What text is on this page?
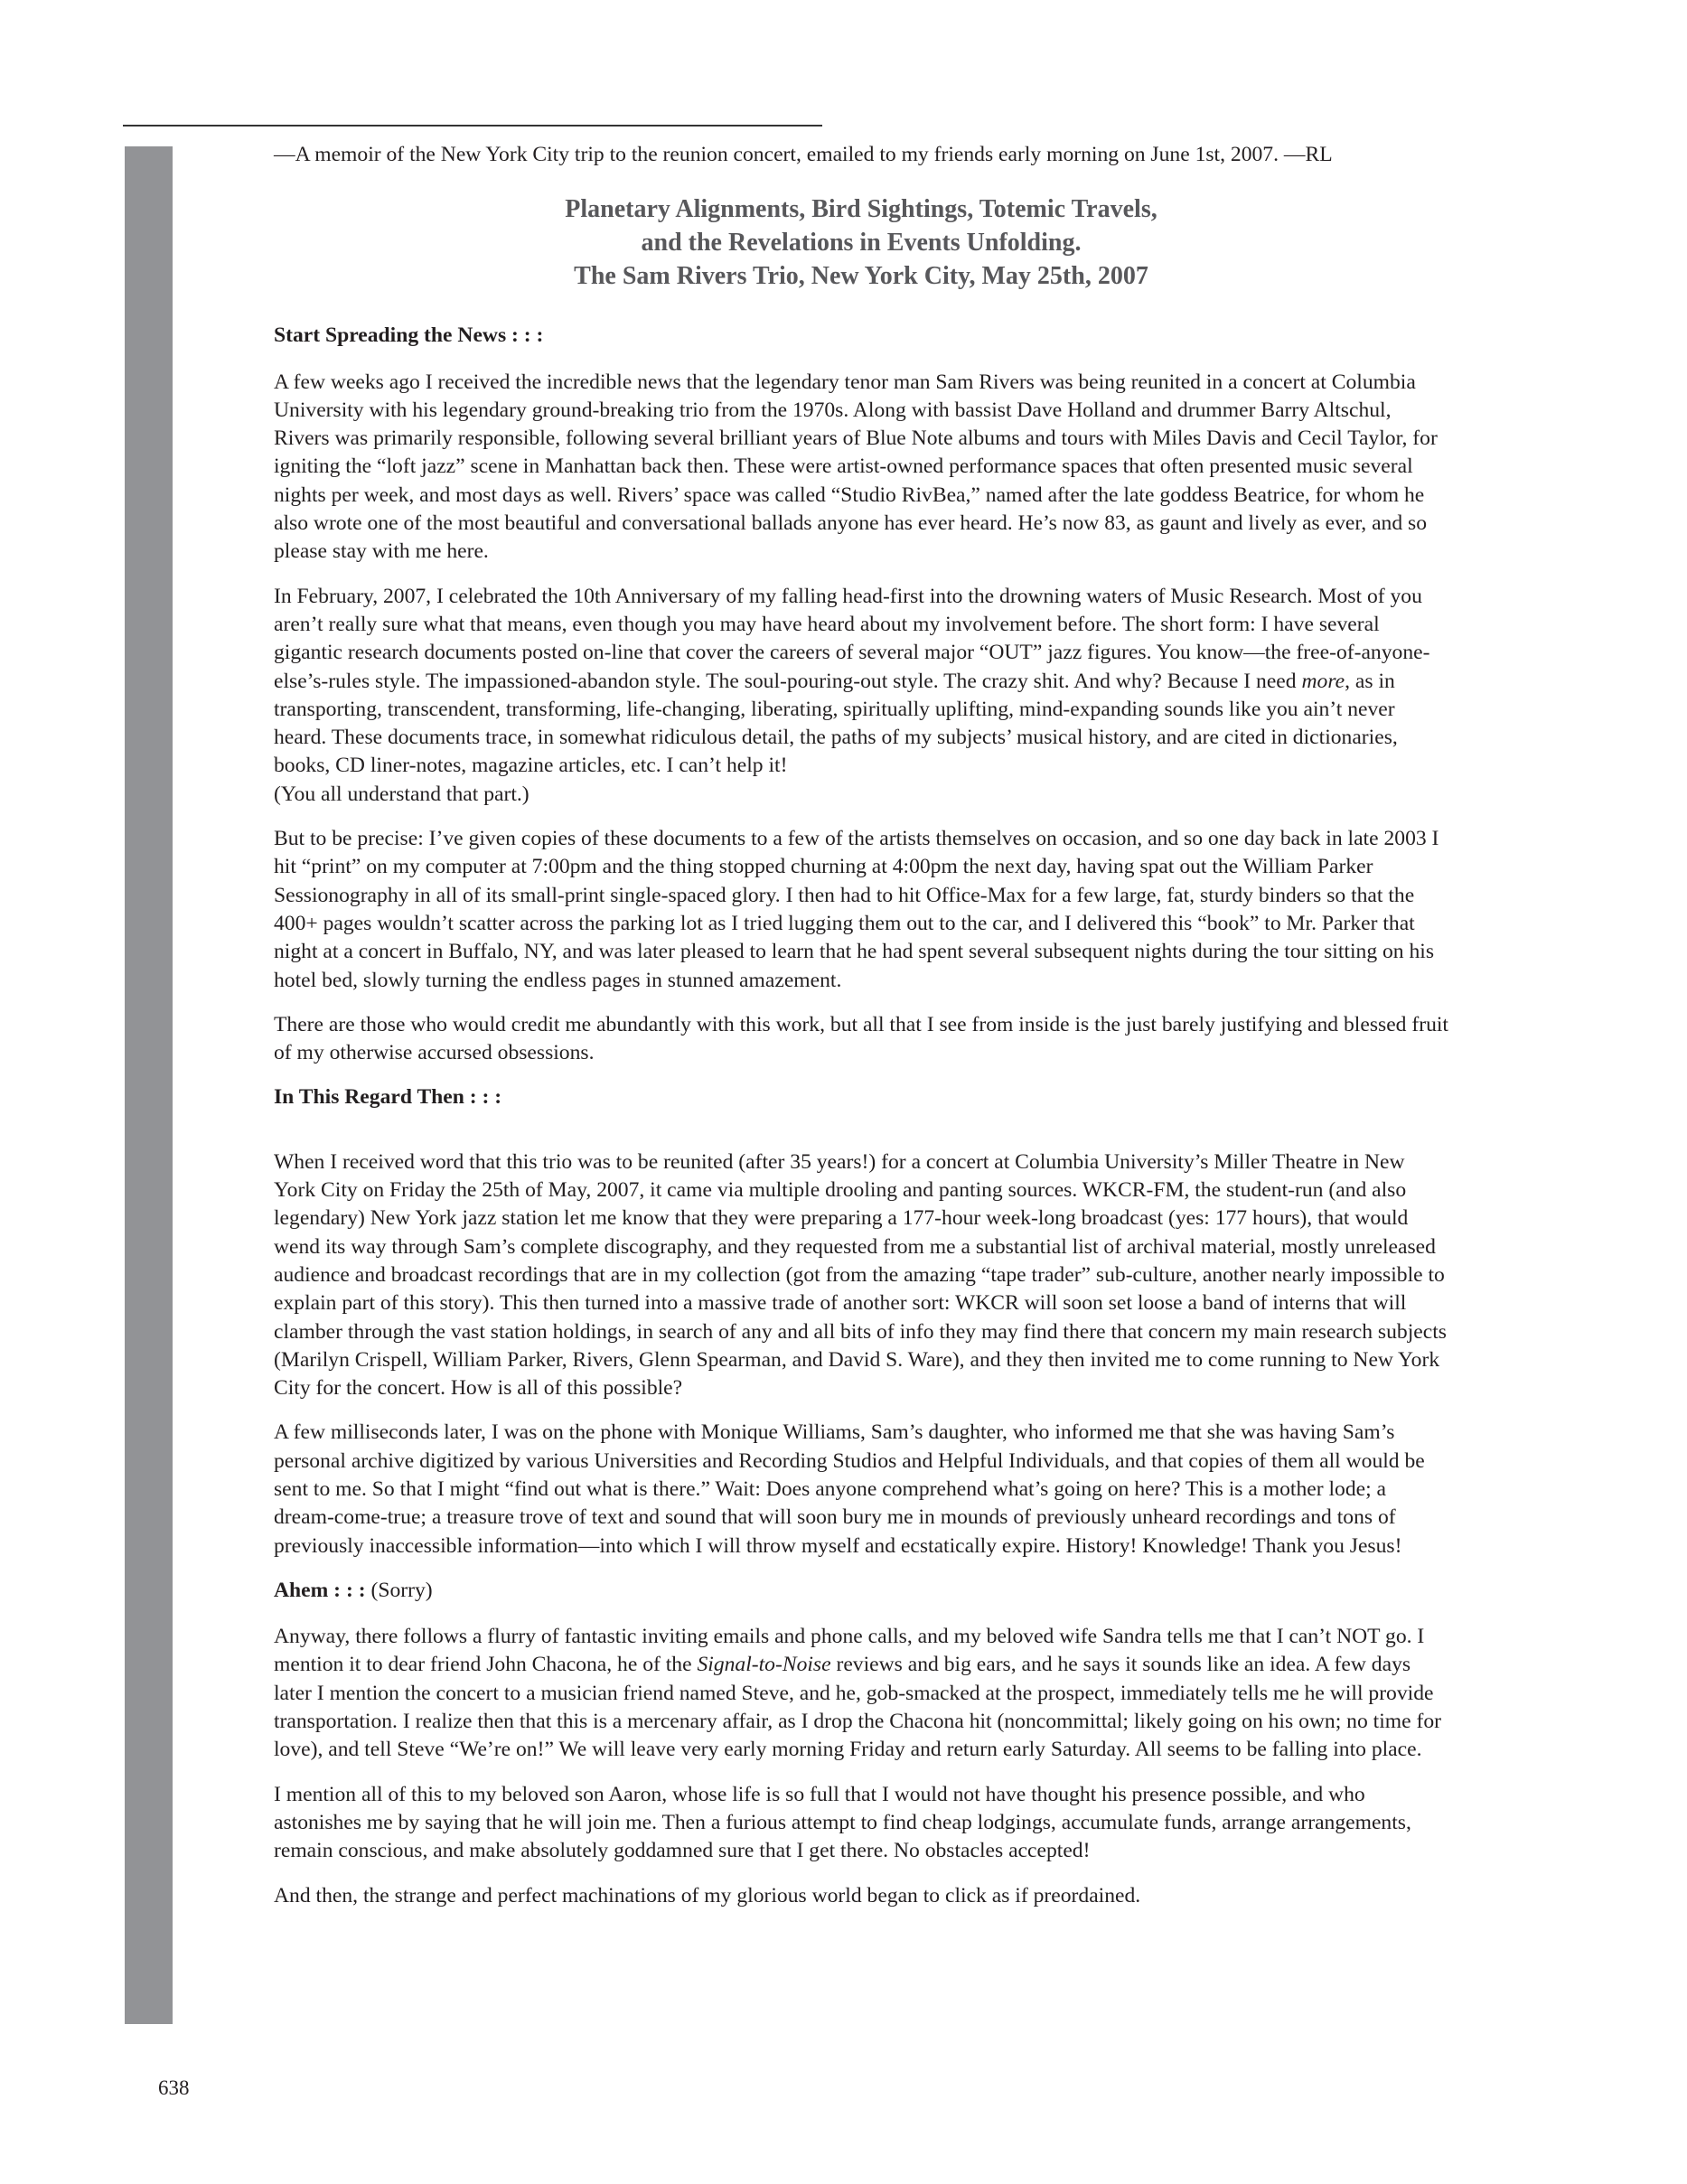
—A memoir of the New York City trip to the reunion concert, emailed to my friends early morning on June 1st, 2007. —RL

Planetary Alignments, Bird Sightings, Totemic Travels,
and the Revelations in Events Unfolding.
The Sam Rivers Trio, New York City, May 25th, 2007

Start Spreading the News : : :

A few weeks ago I received the incredible news that the legendary tenor man Sam Rivers was being reunited in a concert at Columbia University with his legendary ground-breaking trio from the 1970s. Along with bassist Dave Holland and drummer Barry Altschul, Rivers was primarily responsible, following several brilliant years of Blue Note albums and tours with Miles Davis and Cecil Taylor, for igniting the “loft jazz” scene in Manhattan back then. These were artist-owned performance spaces that often presented music several nights per week, and most days as well. Rivers’ space was called “Studio RivBea,” named after the late goddess Beatrice, for whom he also wrote one of the most beautiful and conversational ballads anyone has ever heard. He’s now 83, as gaunt and lively as ever, and so please stay with me here.

In February, 2007, I celebrated the 10th Anniversary of my falling head-first into the drowning waters of Music Research. Most of you aren’t really sure what that means, even though you may have heard about my involvement before. The short form: I have several gigantic research documents posted on-line that cover the careers of several major “OUT” jazz figures. You know—the free-of-anyone-else’s-rules style. The impassioned-abandon style. The soul-pouring-out style. The crazy shit. And why? Because I need more, as in transporting, transcendent, transforming, life-changing, liberating, spiritually uplifting, mind-expanding sounds like you ain’t never heard. These documents trace, in somewhat ridiculous detail, the paths of my subjects’ musical history, and are cited in dictionaries, books, CD liner-notes, magazine articles, etc. I can’t help it!
(You all understand that part.)

But to be precise: I’ve given copies of these documents to a few of the artists themselves on occasion, and so one day back in late 2003 I hit “print” on my computer at 7:00pm and the thing stopped churning at 4:00pm the next day, having spat out the William Parker Sessionography in all of its small-print single-spaced glory. I then had to hit Office-Max for a few large, fat, sturdy binders so that the 400+ pages wouldn’t scatter across the parking lot as I tried lugging them out to the car, and I delivered this “book” to Mr. Parker that night at a concert in Buffalo, NY, and was later pleased to learn that he had spent several subsequent nights during the tour sitting on his hotel bed, slowly turning the endless pages in stunned amazement.

There are those who would credit me abundantly with this work, but all that I see from inside is the just barely justifying and blessed fruit of my otherwise accursed obsessions.

In This Regard Then : : :

When I received word that this trio was to be reunited (after 35 years!) for a concert at Columbia University’s Miller Theatre in New York City on Friday the 25th of May, 2007, it came via multiple drooling and panting sources. WKCR-FM, the student-run (and also legendary) New York jazz station let me know that they were preparing a 177-hour week-long broadcast (yes: 177 hours), that would wend its way through Sam’s complete discography, and they requested from me a substantial list of archival material, mostly unreleased audience and broadcast recordings that are in my collection (got from the amazing “tape trader” sub-culture, another nearly impossible to explain part of this story). This then turned into a massive trade of another sort: WKCR will soon set loose a band of interns that will clamber through the vast station holdings, in search of any and all bits of info they may find there that concern my main research subjects (Marilyn Crispell, William Parker, Rivers, Glenn Spearman, and David S. Ware), and they then invited me to come running to New York City for the concert. How is all of this possible?

A few milliseconds later, I was on the phone with Monique Williams, Sam’s daughter, who informed me that she was having Sam’s personal archive digitized by various Universities and Recording Studios and Helpful Individuals, and that copies of them all would be sent to me. So that I might “find out what is there.” Wait: Does anyone comprehend what’s going on here? This is a mother lode; a dream-come-true; a treasure trove of text and sound that will soon bury me in mounds of previously unheard recordings and tons of previously inaccessible information—into which I will throw myself and ecstatically expire. History! Knowledge! Thank you Jesus!

Ahem : : : (Sorry)

Anyway, there follows a flurry of fantastic inviting emails and phone calls, and my beloved wife Sandra tells me that I can’t NOT go. I mention it to dear friend John Chacona, he of the Signal-to-Noise reviews and big ears, and he says it sounds like an idea. A few days later I mention the concert to a musician friend named Steve, and he, gob-smacked at the prospect, immediately tells me he will provide transportation. I realize then that this is a mercenary affair, as I drop the Chacona hit (noncommittal; likely going on his own; no time for love), and tell Steve “We’re on!” We will leave very early morning Friday and return early Saturday. All seems to be falling into place.

I mention all of this to my beloved son Aaron, whose life is so full that I would not have thought his presence possible, and who astonishes me by saying that he will join me. Then a furious attempt to find cheap lodgings, accumulate funds, arrange arrangements, remain conscious, and make absolutely goddamned sure that I get there. No obstacles accepted!

And then, the strange and perfect machinations of my glorious world began to click as if preordained.

638
